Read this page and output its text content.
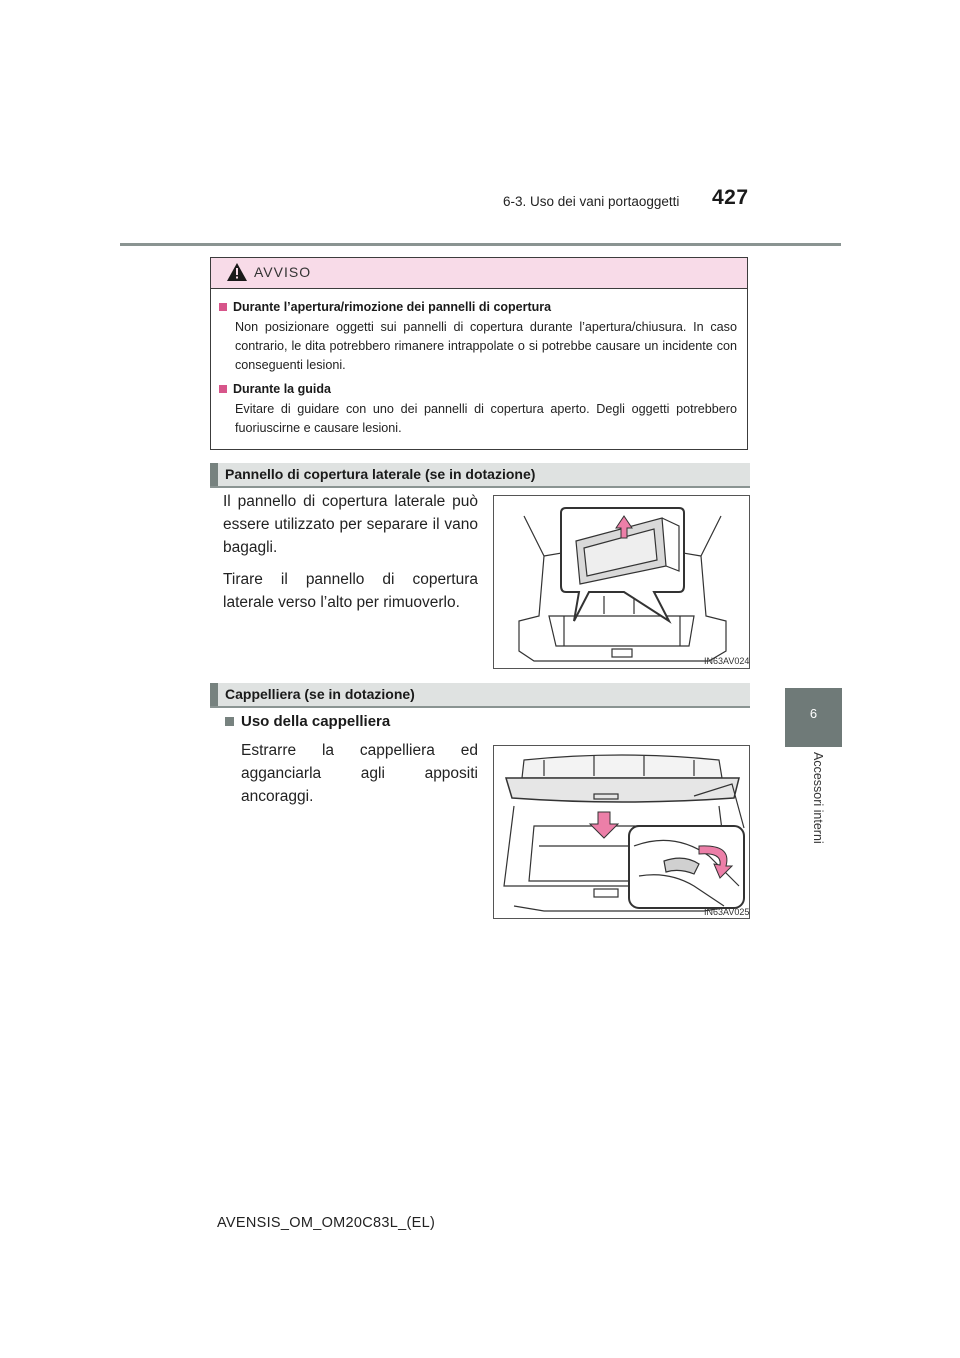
6-3. Uso dei vani portaoggetti 427
6
Accessori interni
AVVISO
Durante l’apertura/rimozione dei pannelli di copertura
Non posizionare oggetti sui pannelli di copertura durante l’apertura/chiusura. In caso contrario, le dita potrebbero rimanere intrappolate o si potrebbe causare un incidente con conseguenti lesioni.
Durante la guida
Evitare di guidare con uno dei pannelli di copertura aperto. Degli oggetti potrebbero fuoriuscirne e causare lesioni.
Pannello di copertura laterale (se in dotazione)

Il pannello di copertura laterale può essere utilizzato per separare il vano bagagli.

Tirare il pannello di copertura laterale verso l’alto per rimuoverlo.

IN63AV024
Cappelliera (se in dotazione)
Uso della cappelliera

Estrarre la cappelliera ed agganciarla agli appositi ancoraggi.

IN63AV025
AVENSIS_OM_OM20C83L_(EL)
